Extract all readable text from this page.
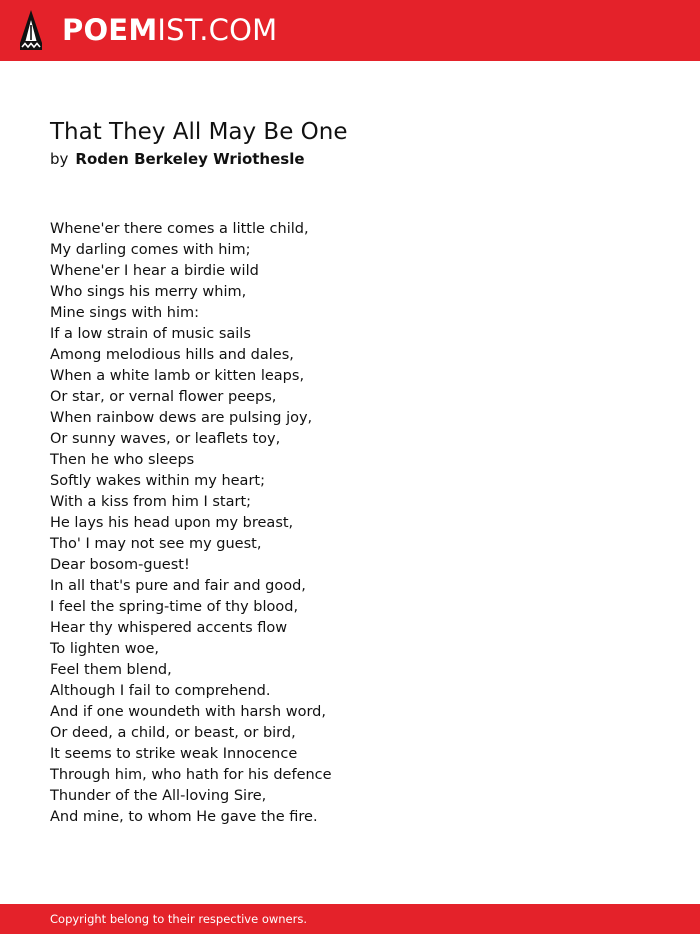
POEMIST.COM
That They All May Be One
by Roden Berkeley Wriothesle
Whene'er there comes a little child,
My darling comes with him;
Whene'er I hear a birdie wild
Who sings his merry whim,
Mine sings with him:
If a low strain of music sails
Among melodious hills and dales,
When a white lamb or kitten leaps,
Or star, or vernal flower peeps,
When rainbow dews are pulsing joy,
Or sunny waves, or leaflets toy,
Then he who sleeps
Softly wakes within my heart;
With a kiss from him I start;
He lays his head upon my breast,
Tho' I may not see my guest,
Dear bosom-guest!
In all that's pure and fair and good,
I feel the spring-time of thy blood,
Hear thy whispered accents flow
To lighten woe,
Feel them blend,
Although I fail to comprehend.
And if one woundeth with harsh word,
Or deed, a child, or beast, or bird,
It seems to strike weak Innocence
Through him, who hath for his defence
Thunder of the All-loving Sire,
And mine, to whom He gave the fire.
Copyright belong to their respective owners.
